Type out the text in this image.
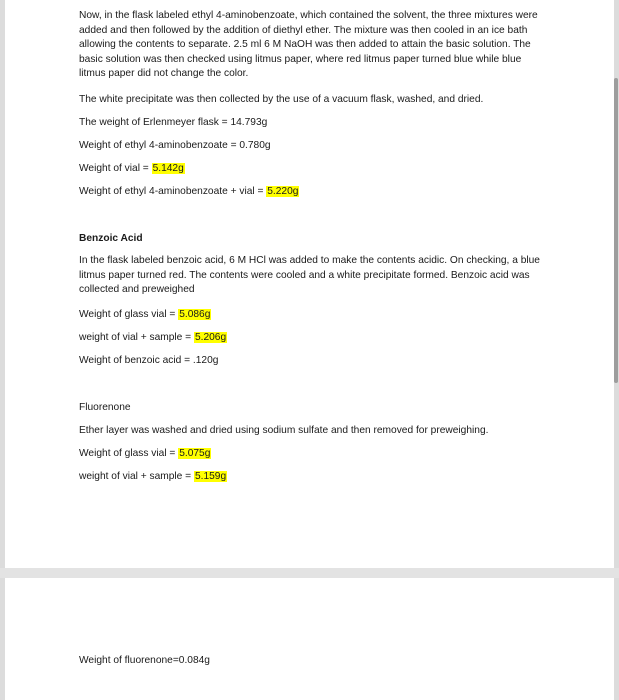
Now, in the flask labeled ethyl 4-aminobenzoate, which contained the solvent, the three mixtures were added and then followed by the addition of diethyl ether. The mixture was then cooled in an ice bath allowing the contents to separate. 2.5 ml 6 M NaOH was then added to attain the basic solution. The basic solution was then checked using litmus paper, where red litmus paper turned blue while blue litmus paper did not change the color.
The white precipitate was then collected by the use of a vacuum flask, washed, and dried.
The weight of Erlenmeyer flask = 14.793g
Weight of ethyl 4-aminobenzoate = 0.780g
Weight of vial = 5.142g
Weight of ethyl 4-aminobenzoate + vial = 5.220g
Benzoic Acid
In the flask labeled benzoic acid, 6 M HCl was added to make the contents acidic. On checking, a blue litmus paper turned red. The contents were cooled and a white precipitate formed. Benzoic acid was collected and preweighed
Weight of glass vial = 5.086g
weight of vial + sample = 5.206g
Weight of benzoic acid = .120g
Fluorenone
Ether layer was washed and dried using sodium sulfate and then removed for preweighing.
Weight of glass vial = 5.075g
weight of vial + sample = 5.159g
Weight of fluorenone=0.084g
